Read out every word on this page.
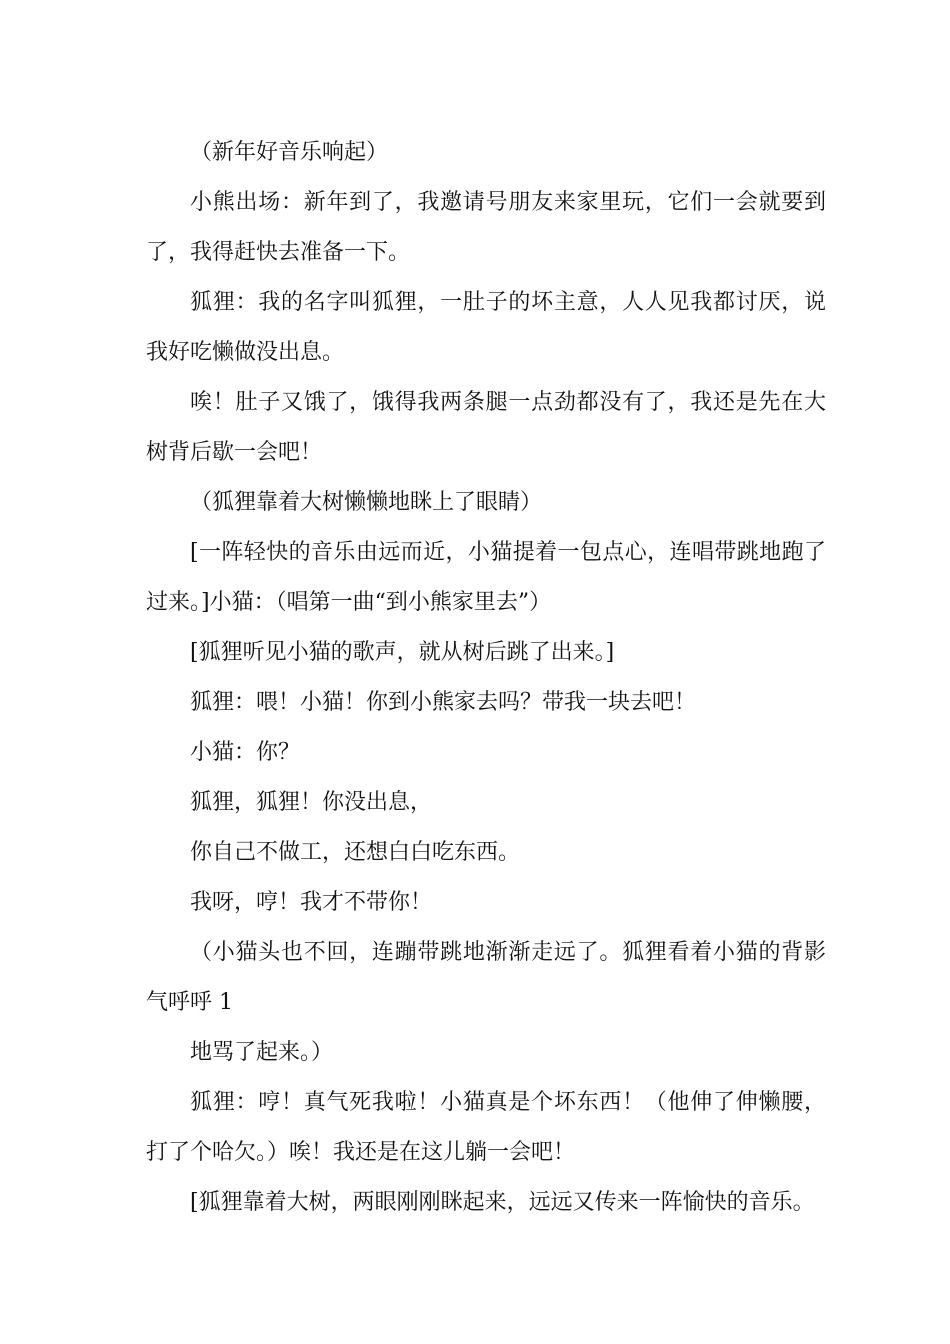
（新年好音乐响起）

小熊出场：新年到了，我邀请号朋友来家里玩，它们一会就要到了，我得赶快去准备一下。

狐狸：我的名字叫狐狸，一肚子的坏主意，人人见我都讨厌，说我好吃懒做没出息。

唉！肚子又饿了，饿得我两条腿一点劲都没有了，我还是先在大树背后歇一会吧！

（狐狸靠着大树懒懒地眯上了眼睛）

[一阵轻快的音乐由远而近，小猫提着一包点心，连唱带跳地跑了过来。]小猫：（唱第一曲“到小熊家里去”）

[狐狸听见小猫的歌声，就从树后跳了出来。]

狐狸：喂！小猫！你到小熊家去吗？带我一块去吧！

小猫：你？

狐狸，狐狸！你没出息，

你自己不做工，还想白白吃东西。

我呀，哼！我才不带你！

（小猫头也不回，连蹦带跳地渐渐走远了。狐狸看着小猫的背影气呼呼 1

地骂了起来。）

狐狸：哼！真气死我啦！小猫真是个坏东西！（他伸了伸懒腰，打了个哈欠。）唉！我还是在这儿躺一会吧！

[狐狸靠着大树，两眼刚刚眯起来，远远又传来一阵愉快的音乐。
